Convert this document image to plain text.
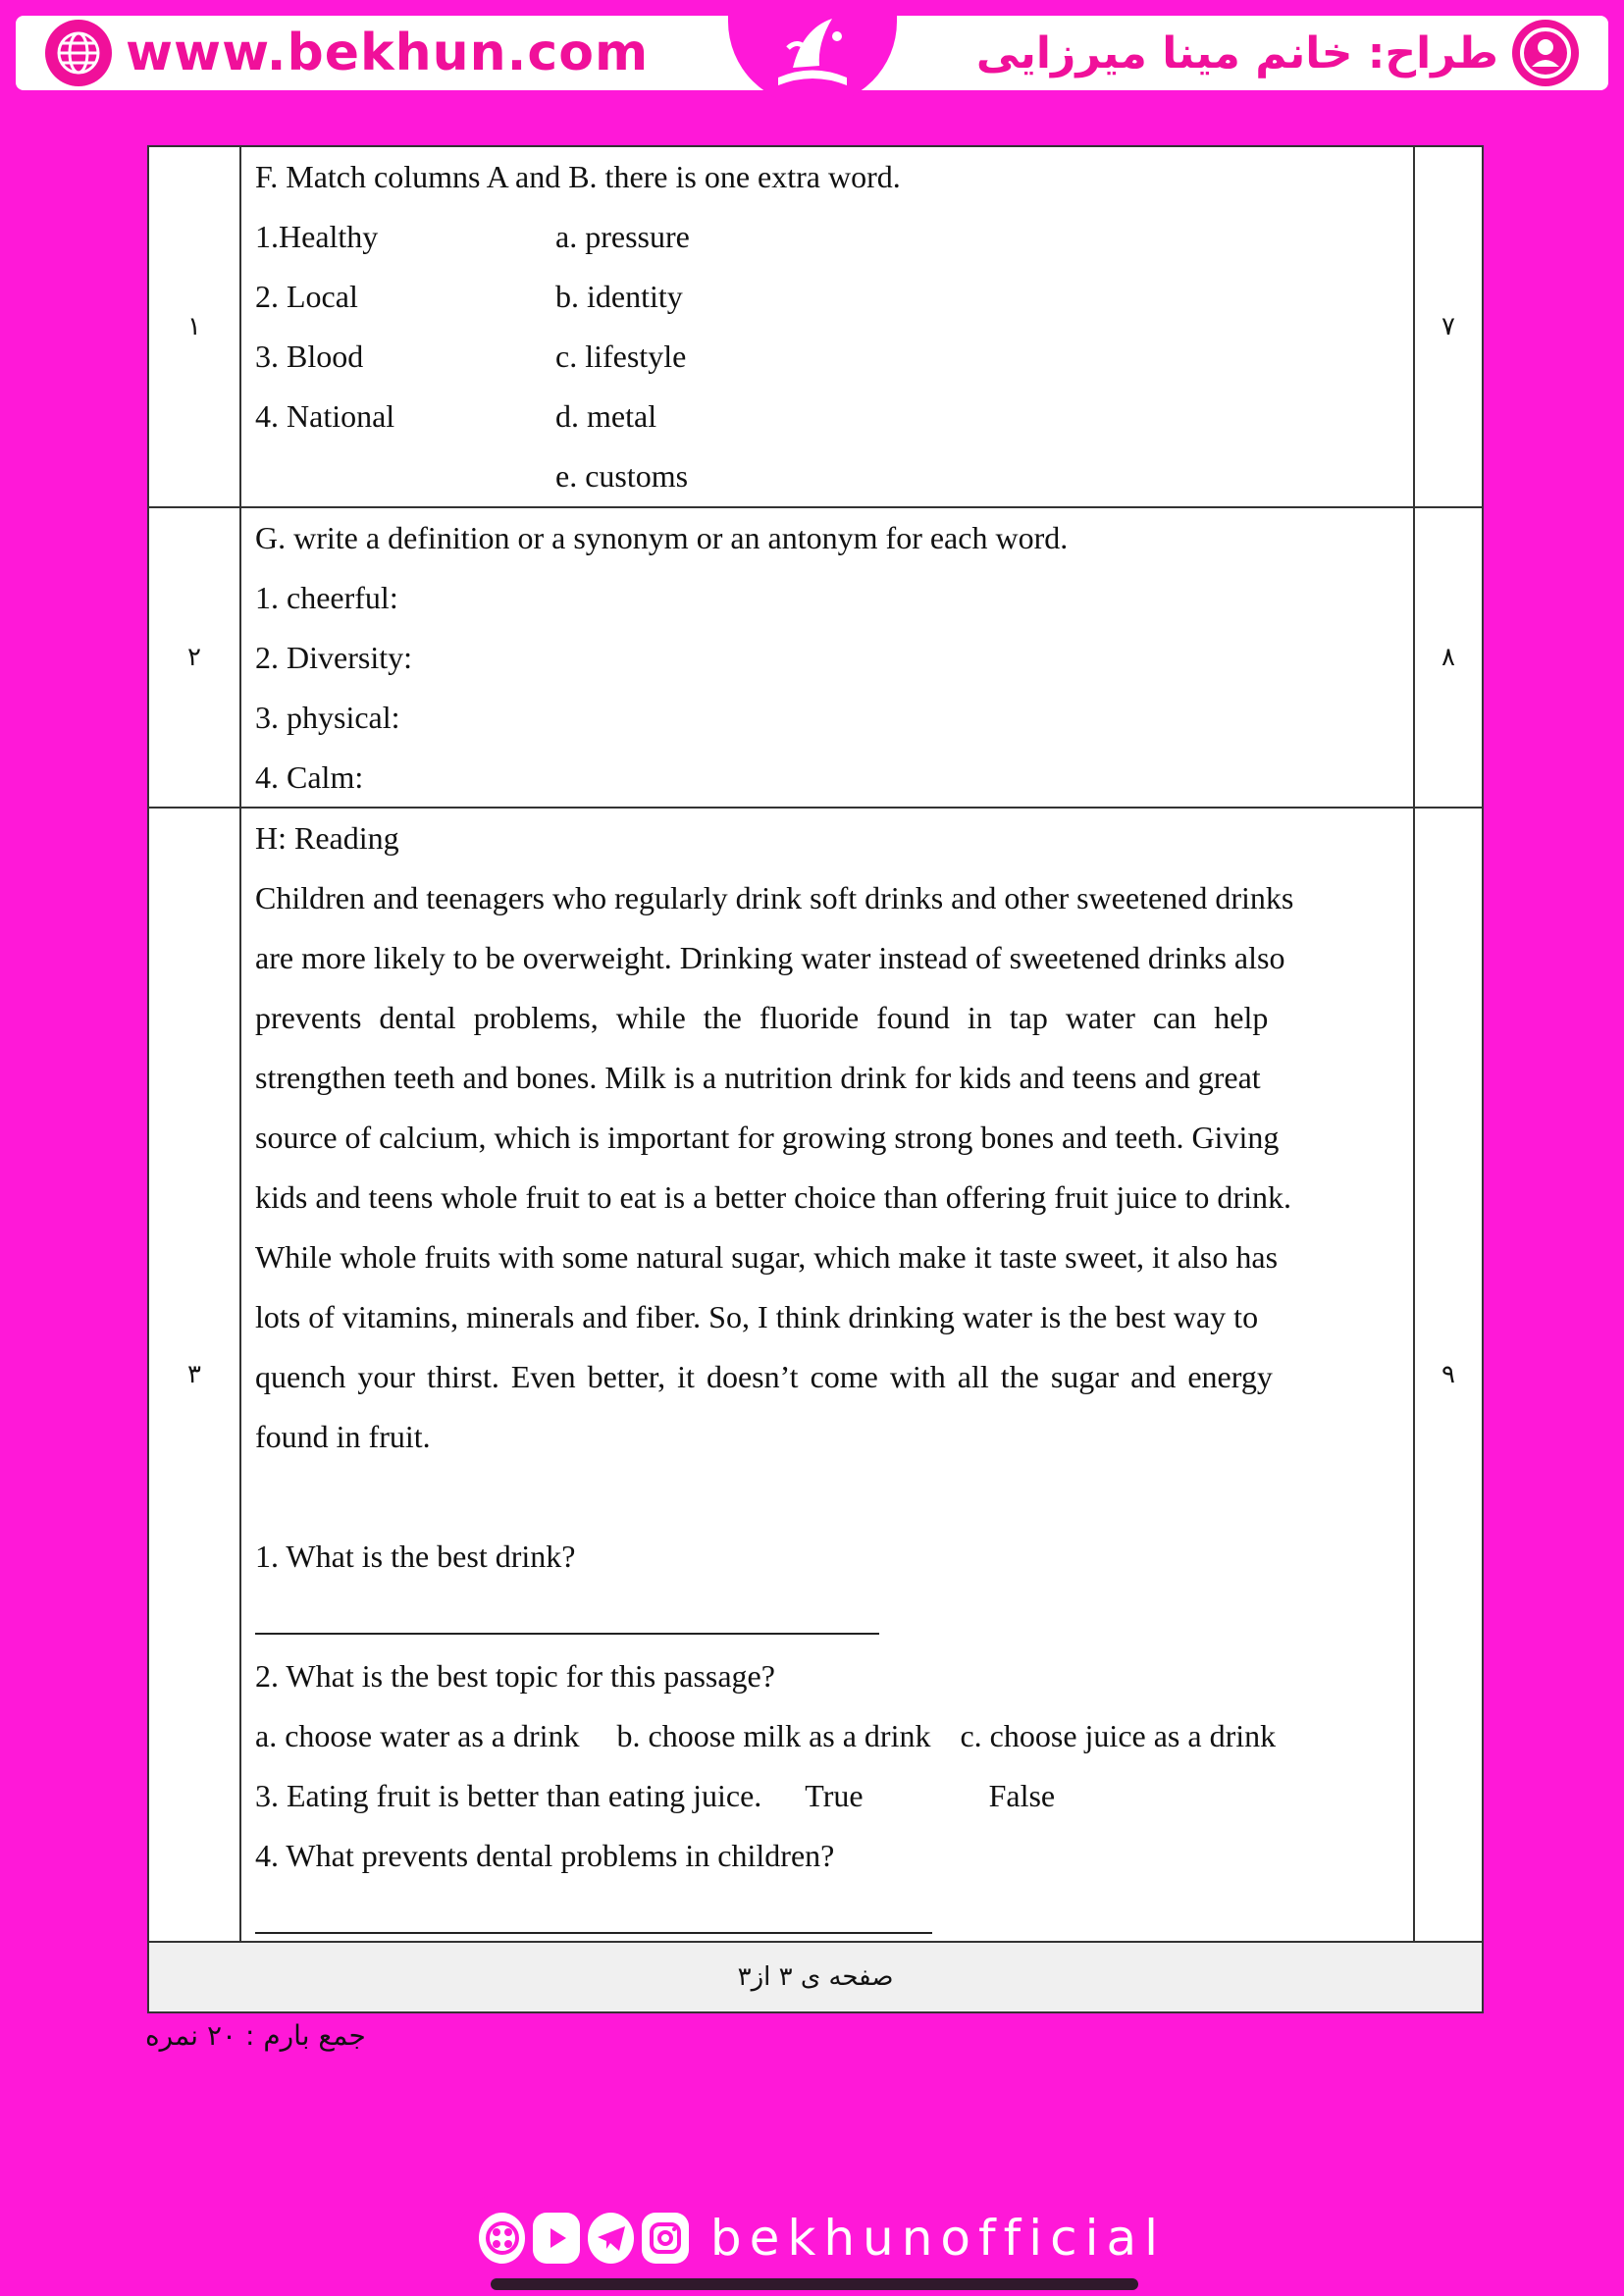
www.bekhun.com	طراح: خانم مینا میرزایی
۱
F. Match columns A and B. there is one extra word.
1.Healthy	a. pressure
2. Local	b. identity
3. Blood	c. lifestyle
4. National	d. metal
e. customs
۷
۲
G. write a definition or a synonym or an antonym for each word.
1. cheerful:
2. Diversity:
3. physical:
4. Calm:
۸
۳
H: Reading
Children and teenagers who regularly drink soft drinks and other sweetened drinks
are more likely to be overweight. Drinking water instead of sweetened drinks also
prevents dental problems, while the fluoride found in tap water can help
strengthen teeth and bones. Milk is a nutrition drink for kids and teens and great
source of calcium, which is important for growing strong bones and teeth. Giving
kids and teens whole fruit to eat is a better choice than offering fruit juice to drink.
While whole fruits with some natural sugar, which make it taste sweet, it also has
lots of vitamins, minerals and fiber. So, I think drinking water is the best way to
quench your thirst. Even better, it doesn’t come with all the sugar and energy
found in fruit.
1. What is the best drink?
2. What is the best topic for this passage?
a. choose water as a drink b. choose milk as a drink c. choose juice as a drink
3. Eating fruit is better than eating juice. True	False
4. What prevents dental problems in children?
۹
صفحه ی ۳ از۳
جمع بارم : ۲۰ نمره
bekhunofficial
